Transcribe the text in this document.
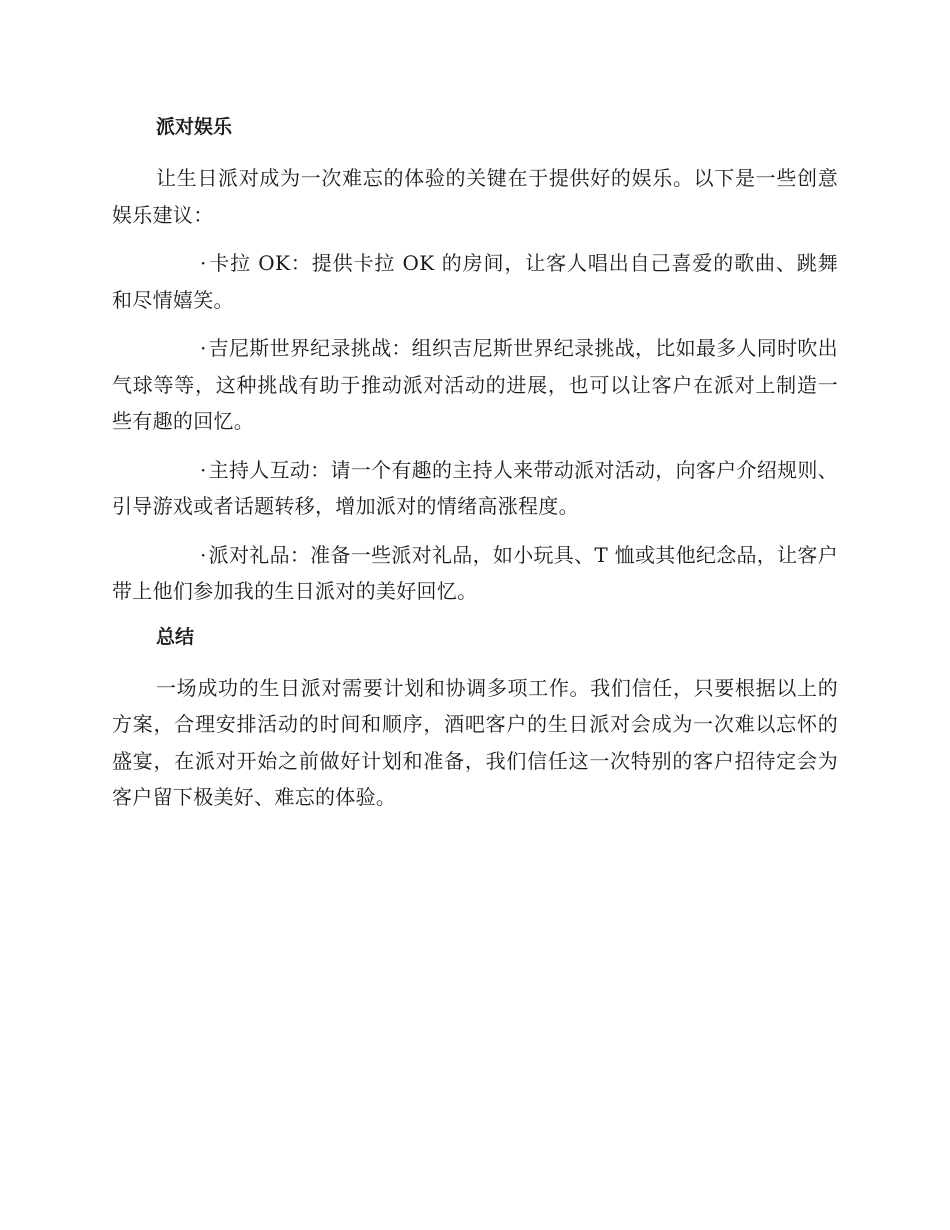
派对娱乐

让生日派对成为一次难忘的体验的关键在于提供好的娱乐。以下是一些创意娱乐建议：

· 卡拉 OK：提供卡拉 OK 的房间，让客人唱出自己喜爱的歌曲、跳舞和尽情嬉笑。

· 吉尼斯世界纪录挑战：组织吉尼斯世界纪录挑战，比如最多人同时吹出气球等等，这种挑战有助于推动派对活动的进展，也可以让客户在派对上制造一些有趣的回忆。

· 主持人互动：请一个有趣的主持人来带动派对活动，向客户介绍规则、引导游戏或者话题转移，增加派对的情绪高涨程度。

· 派对礼品：准备一些派对礼品，如小玩具、T 恤或其他纪念品，让客户带上他们参加我的生日派对的美好回忆。

总结

一场成功的生日派对需要计划和协调多项工作。我们信任，只要根据以上的方案，合理安排活动的时间和顺序，酒吧客户的生日派对会成为一次难以忘怀的盛宴，在派对开始之前做好计划和准备，我们信任这一次特别的客户招待定会为客户留下极美好、难忘的体验。
